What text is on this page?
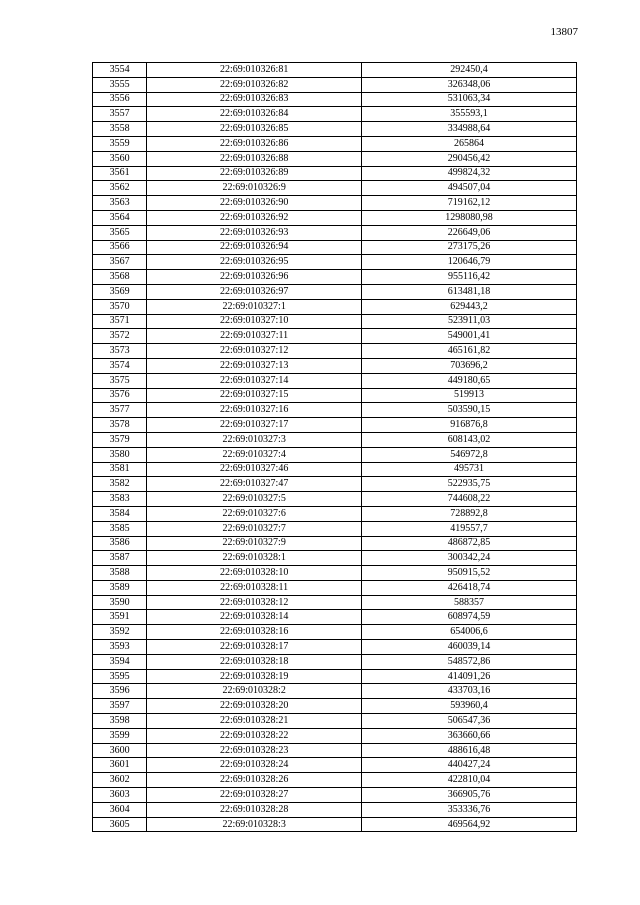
13807
3554	22:69:010326:81	292450,4
3555	22:69:010326:82	326348,06
3556	22:69:010326:83	531063,34
3557	22:69:010326:84	355593,1
3558	22:69:010326:85	334988,64
3559	22:69:010326:86	265864
3560	22:69:010326:88	290456,42
3561	22:69:010326:89	499824,32
3562	22:69:010326:9	494507,04
3563	22:69:010326:90	719162,12
3564	22:69:010326:92	1298080,98
3565	22:69:010326:93	226649,06
3566	22:69:010326:94	273175,26
3567	22:69:010326:95	120646,79
3568	22:69:010326:96	955116,42
3569	22:69:010326:97	613481,18
3570	22:69:010327:1	629443,2
3571	22:69:010327:10	523911,03
3572	22:69:010327:11	549001,41
3573	22:69:010327:12	465161,82
3574	22:69:010327:13	703696,2
3575	22:69:010327:14	449180,65
3576	22:69:010327:15	519913
3577	22:69:010327:16	503590,15
3578	22:69:010327:17	916876,8
3579	22:69:010327:3	608143,02
3580	22:69:010327:4	546972,8
3581	22:69:010327:46	495731
3582	22:69:010327:47	522935,75
3583	22:69:010327:5	744608,22
3584	22:69:010327:6	728892,8
3585	22:69:010327:7	419557,7
3586	22:69:010327:9	486872,85
3587	22:69:010328:1	300342,24
3588	22:69:010328:10	950915,52
3589	22:69:010328:11	426418,74
3590	22:69:010328:12	588357
3591	22:69:010328:14	608974,59
3592	22:69:010328:16	654006,6
3593	22:69:010328:17	460039,14
3594	22:69:010328:18	548572,86
3595	22:69:010328:19	414091,26
3596	22:69:010328:2	433703,16
3597	22:69:010328:20	593960,4
3598	22:69:010328:21	506547,36
3599	22:69:010328:22	363660,66
3600	22:69:010328:23	488616,48
3601	22:69:010328:24	440427,24
3602	22:69:010328:26	422810,04
3603	22:69:010328:27	366905,76
3604	22:69:010328:28	353336,76
3605	22:69:010328:3	469564,92
